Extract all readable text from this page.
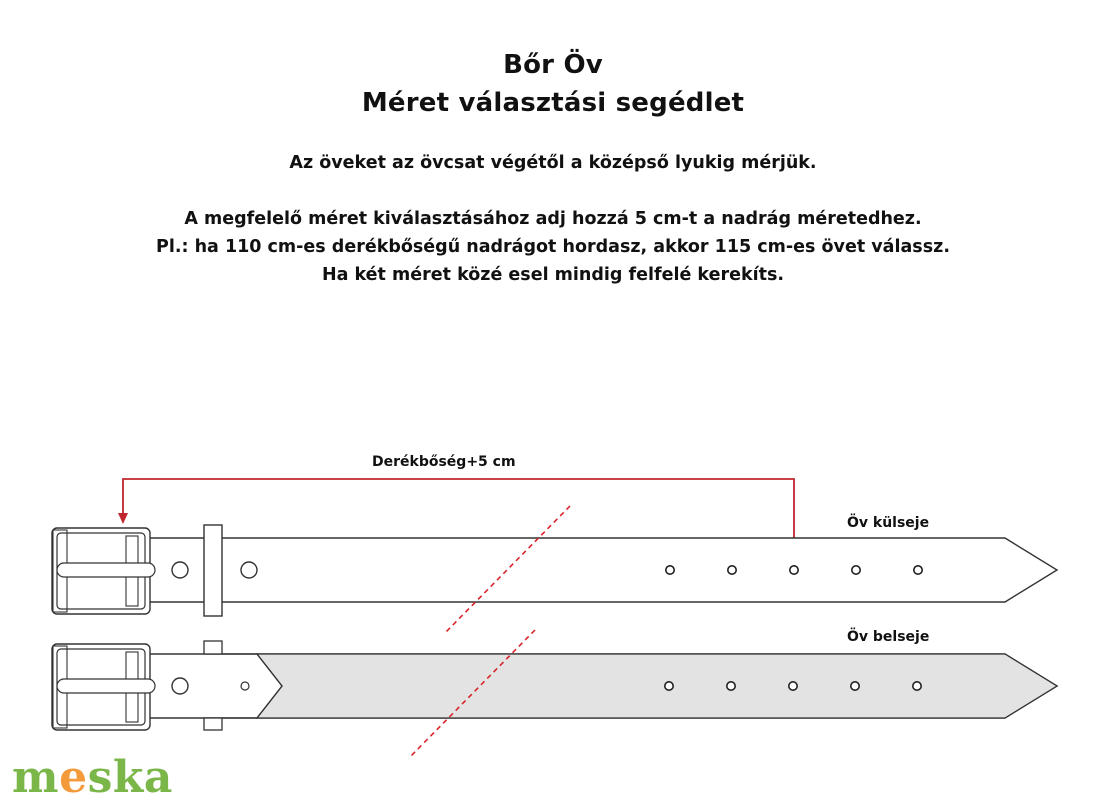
Bőr Öv
Méret választási segédlet
Az öveket az övcsat végétől a középső lyukig mérjük.
A megfelelő méret kiválasztásához adj hozzá 5 cm-t a nadrág méretedhez.
Pl.: ha 110 cm-es derékbőségű nadrágot hordasz, akkor 115 cm-es övet válassz.
Ha két méret közé esel mindig felfelé kerekíts.
Derékbőség+5 cm
Öv külseje
Öv belseje
meska
